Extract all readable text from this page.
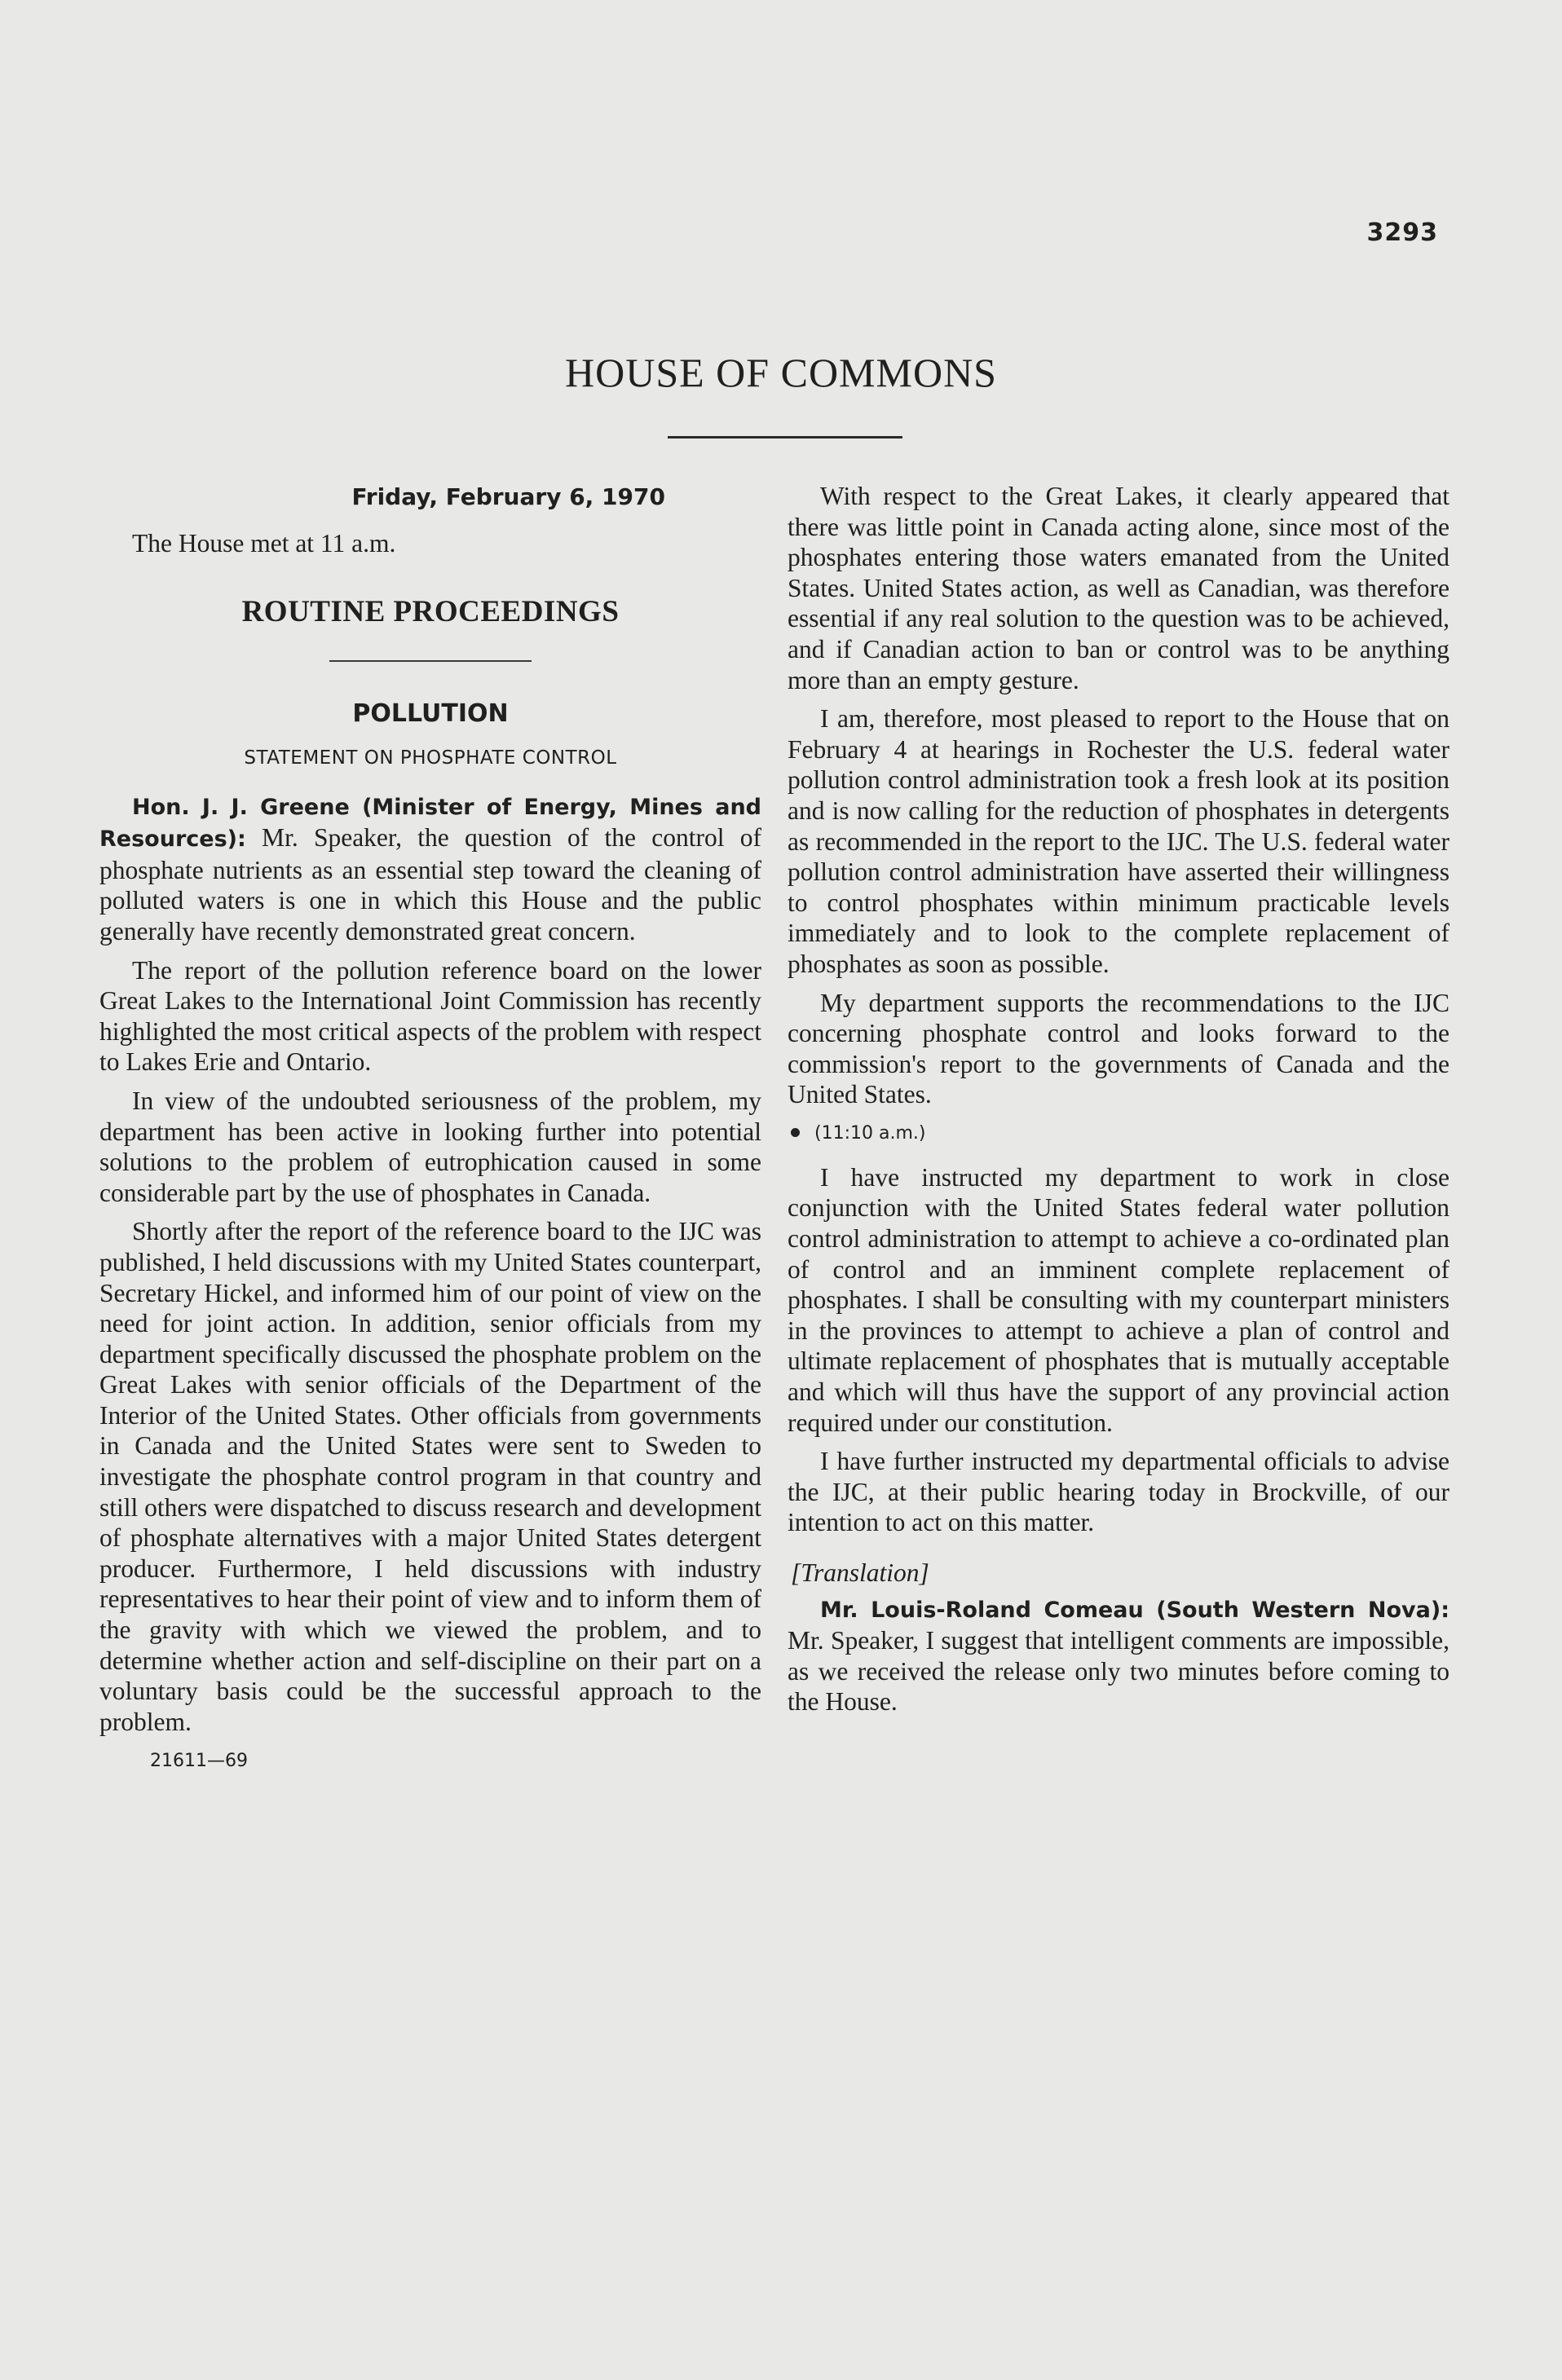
3293
HOUSE OF COMMONS

Friday, February 6, 1970

The House met at 11 a.m.

ROUTINE PROCEEDINGS

POLLUTION

STATEMENT ON PHOSPHATE CONTROL

Hon. J. J. Greene (Minister of Energy, Mines and Resources): Mr. Speaker, the question of the control of phosphate nutrients as an essential step toward the cleaning of polluted waters is one in which this House and the public generally have recently demonstrated great concern.

The report of the pollution reference board on the lower Great Lakes to the International Joint Commission has recently highlighted the most critical aspects of the problem with respect to Lakes Erie and Ontario.

In view of the undoubted seriousness of the problem, my department has been active in looking further into potential solutions to the problem of eutrophication caused in some considerable part by the use of phosphates in Canada.

Shortly after the report of the reference board to the IJC was published, I held discussions with my United States counterpart, Secretary Hickel, and informed him of our point of view on the need for joint action. In addition, senior officials from my department specifically discussed the phosphate problem on the Great Lakes with senior officials of the Department of the Interior of the United States. Other officials from governments in Canada and the United States were sent to Sweden to investigate the phosphate control program in that country and still others were dispatched to discuss research and development of phosphate alternatives with a major United States detergent producer. Furthermore, I held discussions with industry representatives to hear their point of view and to inform them of the gravity with which we viewed the problem, and to determine whether action and self-discipline on their part on a voluntary basis could be the successful approach to the problem.

21611—69

With respect to the Great Lakes, it clearly appeared that there was little point in Canada acting alone, since most of the phosphates entering those waters emanated from the United States. United States action, as well as Canadian, was therefore essential if any real solution to the question was to be achieved, and if Canadian action to ban or control was to be anything more than an empty gesture.

I am, therefore, most pleased to report to the House that on February 4 at hearings in Rochester the U.S. federal water pollution control administration took a fresh look at its position and is now calling for the reduction of phosphates in detergents as recommended in the report to the IJC. The U.S. federal water pollution control administration have asserted their willingness to control phosphates within minimum practicable levels immediately and to look to the complete replacement of phosphates as soon as possible.

My department supports the recommendations to the IJC concerning phosphate control and looks forward to the commission's report to the governments of Canada and the United States.

(11:10 a.m.)

I have instructed my department to work in close conjunction with the United States federal water pollution control administration to attempt to achieve a co-ordinated plan of control and an imminent complete replacement of phosphates. I shall be consulting with my counterpart ministers in the provinces to attempt to achieve a plan of control and ultimate replacement of phosphates that is mutually acceptable and which will thus have the support of any provincial action required under our constitution.

I have further instructed my departmental officials to advise the IJC, at their public hearing today in Brockville, of our intention to act on this matter.

[Translation]

Mr. Louis-Roland Comeau (South Western Nova): Mr. Speaker, I suggest that intelligent comments are impossible, as we received the release only two minutes before coming to the House.
